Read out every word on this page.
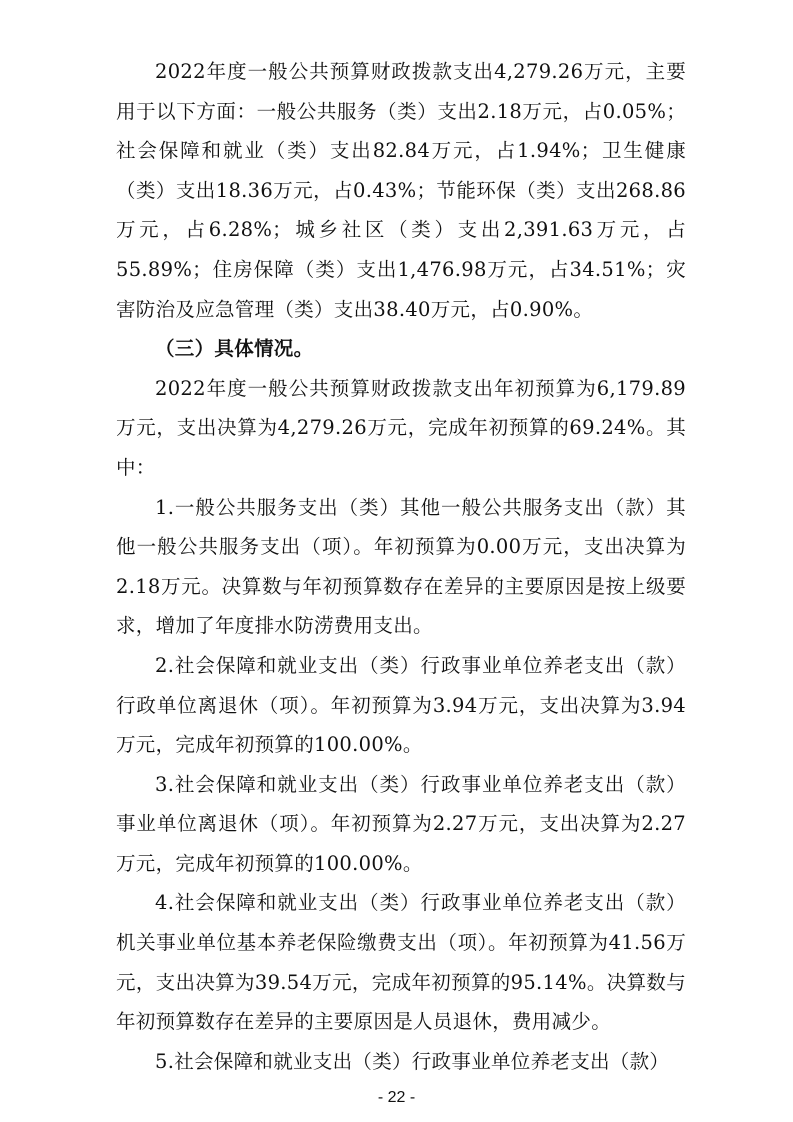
2022年度一般公共预算财政拨款支出4,279.26万元，主要用于以下方面：一般公共服务（类）支出2.18万元，占0.05%；社会保障和就业（类）支出82.84万元，占1.94%；卫生健康（类）支出18.36万元，占0.43%；节能环保（类）支出268.86万元，占6.28%；城乡社区（类）支出2,391.63万元，占55.89%；住房保障（类）支出1,476.98万元，占34.51%；灾害防治及应急管理（类）支出38.40万元，占0.90%。

（三）具体情况。

2022年度一般公共预算财政拨款支出年初预算为6,179.89万元，支出决算为4,279.26万元，完成年初预算的69.24%。其中：

1.一般公共服务支出（类）其他一般公共服务支出（款）其他一般公共服务支出（项）。年初预算为0.00万元，支出决算为2.18万元。决算数与年初预算数存在差异的主要原因是按上级要求，增加了年度排水防涝费用支出。

2.社会保障和就业支出（类）行政事业单位养老支出（款）行政单位离退休（项）。年初预算为3.94万元，支出决算为3.94万元，完成年初预算的100.00%。

3.社会保障和就业支出（类）行政事业单位养老支出（款）事业单位离退休（项）。年初预算为2.27万元，支出决算为2.27万元，完成年初预算的100.00%。

4.社会保障和就业支出（类）行政事业单位养老支出（款）机关事业单位基本养老保险缴费支出（项）。年初预算为41.56万元，支出决算为39.54万元，完成年初预算的95.14%。决算数与年初预算数存在差异的主要原因是人员退休，费用减少。

5.社会保障和就业支出（类）行政事业单位养老支出（款）

- 22 -
